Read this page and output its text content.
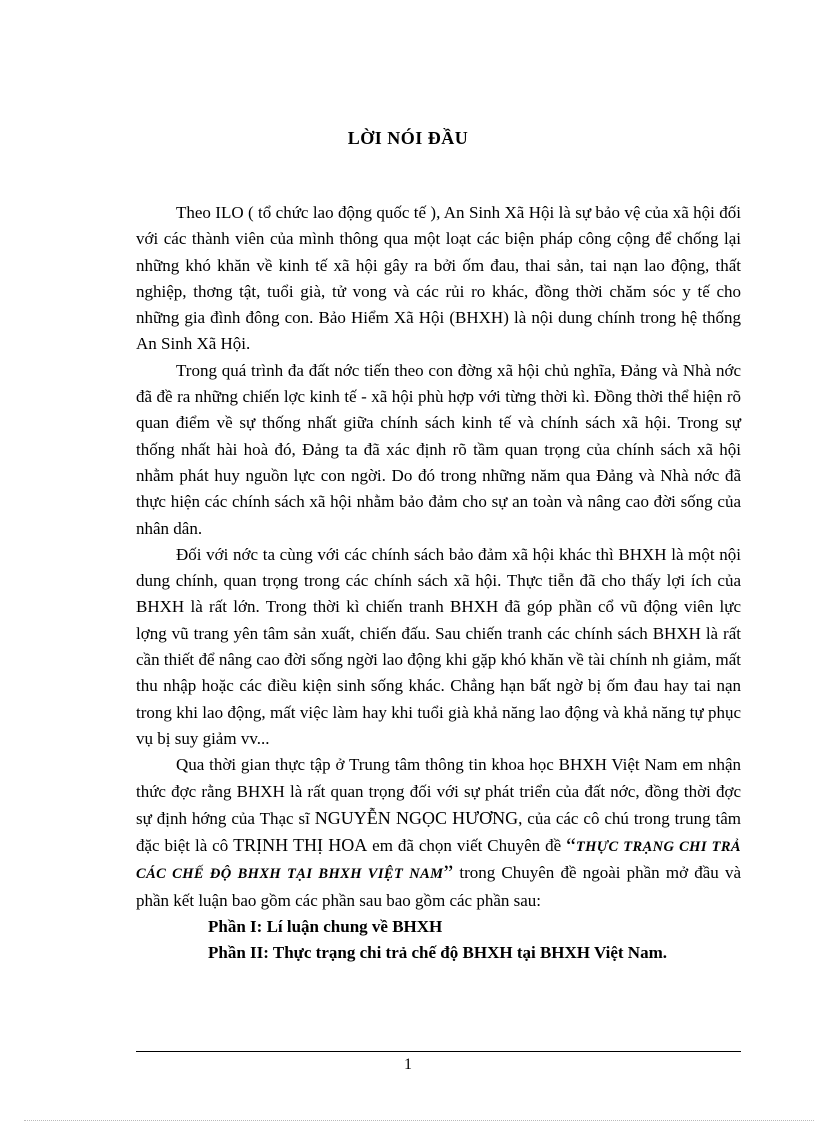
LỜI NÓI ĐẦU

Theo ILO ( tổ chức lao động quốc tế ), An Sinh Xã Hội là sự bảo vệ của xã hội đối với các thành viên của mình thông qua một loạt các biện pháp công cộng để chống lại những khó khăn về kinh tế xã hội gây ra bởi ốm đau, thai sản, tai nạn lao động, thất nghiệp, thơng tật, tuổi già, tử vong và các rủi ro khác, đồng thời chăm sóc y tế cho những gia đình đông con. Bảo Hiểm Xã Hội (BHXH) là nội dung chính trong hệ thống An Sinh Xã Hội.

Trong quá trình đa đất nớc tiến theo con đờng xã hội chủ nghĩa, Đảng và Nhà nớc đã đề ra những chiến lợc kinh tế - xã hội phù hợp với từng thời kì. Đồng thời thể hiện rõ quan điểm về sự thống nhất giữa chính sách kinh tế và chính sách xã hội. Trong sự thống nhất hài hoà đó, Đảng ta đã xác định rõ tầm quan trọng của chính sách xã hội nhằm phát huy nguồn lực con ngời. Do đó trong những năm qua Đảng và Nhà nớc đã thực hiện các chính sách xã hội nhằm bảo đảm cho sự an toàn và nâng cao đời sống của nhân dân.

Đối với nớc ta cùng với các chính sách bảo đảm xã hội khác thì BHXH là một nội dung chính, quan trọng trong các chính sách xã hội. Thực tiễn đã cho thấy lợi ích của BHXH là rất lớn. Trong thời kì chiến tranh BHXH đã góp phần cổ vũ động viên lực lợng vũ trang yên tâm sản xuất, chiến đấu. Sau chiến tranh các chính sách BHXH là rất cần thiết để nâng cao đời sống ngời lao động khi gặp khó khăn về tài chính nh giảm, mất thu nhập hoặc các điều kiện sinh sống khác. Chẳng hạn bất ngờ bị ốm đau hay tai nạn trong khi lao động, mất việc làm hay khi tuổi già khả năng lao động và khả năng tự phục vụ bị suy giảm vv...

Qua thời gian thực tập ở Trung tâm thông tin khoa học BHXH Việt Nam em nhận thức đợc rằng BHXH là rất quan trọng đối với sự phát triển của đất nớc, đồng thời đợc sự định hớng của Thạc sĩ NGUYỄN NGỌC HƯƠNG, của các cô chú trong trung tâm đặc biệt là cô TRỊNH THỊ HOA em đã chọn viết Chuyên đề “THỰC TRẠNG CHI TRẢ CÁC CHẾ ĐỘ BHXH TẠI BHXH VIỆT NAM” trong Chuyên đề ngoài phần mở đầu và phần kết luận bao gồm các phần sau bao gồm các phần sau:

Phần I: Lí luận chung về BHXH

Phần II: Thực trạng chi trả chế độ BHXH tại BHXH Việt Nam.

1
